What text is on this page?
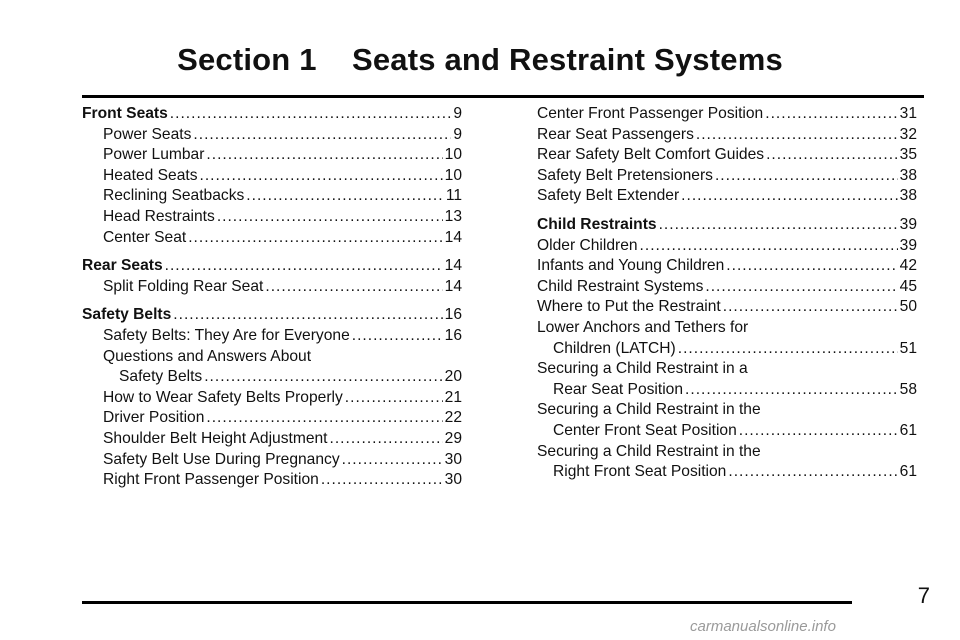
Section 1    Seats and Restraint Systems
Front Seats .....	9
Power Seats .....	9
Power Lumbar .....	10
Heated Seats .....	10
Reclining Seatbacks .....	11
Head Restraints .....	13
Center Seat .....	14
Rear Seats .....	14
Split Folding Rear Seat .....	14
Safety Belts .....	16
Safety Belts: They Are for Everyone .....	16
Questions and Answers About
Safety Belts .....	20
How to Wear Safety Belts Properly .....	21
Driver Position .....	22
Shoulder Belt Height Adjustment .....	29
Safety Belt Use During Pregnancy .....	30
Right Front Passenger Position .....	30
Center Front Passenger Position .....	31
Rear Seat Passengers .....	32
Rear Safety Belt Comfort Guides .....	35
Safety Belt Pretensioners .....	38
Safety Belt Extender .....	38
Child Restraints .....	39
Older Children .....	39
Infants and Young Children .....	42
Child Restraint Systems .....	45
Where to Put the Restraint .....	50
Lower Anchors and Tethers for
Children (LATCH) .....	51
Securing a Child Restraint in a
Rear Seat Position .....	58
Securing a Child Restraint in the
Center Front Seat Position .....	61
Securing a Child Restraint in the
Right Front Seat Position .....	61
7
carmanualsonline.info
